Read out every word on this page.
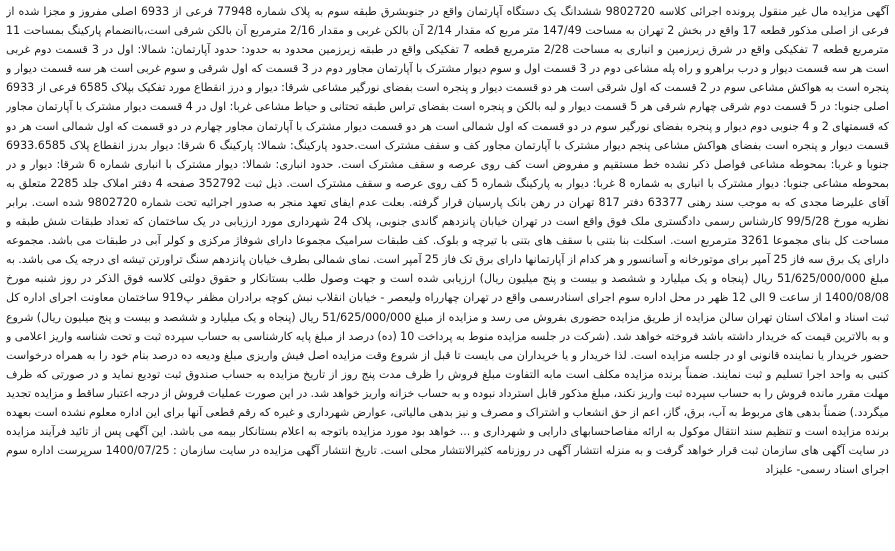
آگهی مزایده مال غیر منقول پرونده اجرائی کلاسه 9802720 ششدانگ یک دستگاه آپارتمان واقع در جنوبشرق طبقه سوم به پلاک شماره 77948 فرعی از 6933 اصلی مفروز و مجزا شده از فرعی از اصلی مذکور قطعه 17 واقع در بخش 2 تهران به مساحت 147/49 متر مربع که مقدار 2/14 آن بالکن غربی و مقدار 2/16 مترمربع آن بالکن شرقی است،باانضمام پارکینگ بمساحت 11 مترمربع قطعه 7 تفکیکی واقع در شرق زیرزمین و انباری به مساحت 2/28 مترمربع قطعه 7 تفکیکی واقع در طبقه زیرزمین محدود به حدود: حدود آپارتمان: شمالا: اول در 3 قسمت دوم غربی است هر سه قسمت دیوار و درب براهرو و راه پله مشاعی دوم در 3 قسمت اول و سوم دیوار مشترک با آپارتمان مجاور دوم در 3 قسمت که اول شرقی و سوم غربی است هر سه قسمت دیوار و پنجره است به هواکش مشاعی سوم در 2 قسمت که اول شرقی است هر دو قسمت دیوار و پنجره است بفضای نورگیر مشاعی شرقا: دیوار و درز انقطاع مورد تفکیک بپلاک 6585 فرعی از 6933 اصلی جنوبا: در 5 قسمت دوم شرقی چهارم شرقی هر 5 قسمت دیوار و لبه بالکن و پنجره است بفضای تراس طبقه تحتانی و حیاط مشاعی غربا: اول در 4 قسمت دیوار مشترک با آپارتمان مجاور که قسمتهای 2 و 4 جنوبی دوم دیوار و پنجره بفضای نورگیر سوم در دو قسمت که اول شمالی است هر دو قسمت دیوار مشترک با آپارتمان مجاور چهارم در دو قسمت که اول شمالی است هر دو قسمت دیوار و پنجره است بفضای هواکش مشاعی پنجم دیوار مشترک با آپارتمان مجاور کف و سقف مشترک است.حدود پارکینگ: شمالا: پارکینگ 6 شرقا: دیوار بدرز انقطاع پلاک 6933.6585 جنوبا و غربا: بمحوطه مشاعی فواصل ذکر نشده خط مستقیم و مفروض است کف روی عرصه و سقف مشترک است. حدود انباری: شمالا: دیوار مشترک با انباری شماره 6 شرقا: دیوار و در بمحوطه مشاعی جنوبا: دیوار مشترک با انباری به شماره 8 غربا: دیوار به پارکینگ شماره 5 کف روی عرصه و سقف مشترک است. ذیل ثبت 352792 صفحه 4 دفتر املاک جلد 2285 متعلق به آقای علیرضا مجدی که به موجب سند رهنی 63377 دفتر 817 تهران در رهن بانک پارسیان قرار گرفته. بعلت عدم ایفای تعهد منجر به صدور اجرائیه تحت شماره 9802720 شده است. برابر نظریه مورخ 99/5/28 کارشناس رسمی دادگستری ملک فوق واقع است در تهران خیابان پانزدهم گاندی جنوبی، پلاک 24 شهرداری مورد ارزیابی در یک ساختمان که تعداد طبقات شش طبقه و مساحت کل بنای مجموعا 3261 مترمربع است. اسکلت بنا بتنی با سقف های بتنی با تیرچه و بلوک. کف طبقات سرامیک مجموعا دارای شوفاژ مرکزی و کولر آبی در طبقات می باشد. مجموعه دارای یک برق سه فاز 25 آمپر برای موتورخانه و آسانسور و هر کدام از آپارتمانها دارای برق تک فاز 25 آمپر است. نمای شمالی بطرف خیابان پانزدهم سنگ تراورتن تیشه ای درجه یک می باشد. به مبلغ 51/625/000/000 ریال (پنجاه و یک میلیارد و ششصد و بیست و پنج میلیون ریال) ارزیابی شده است و جهت وصول طلب بستانکار و حقوق دولتی کلاسه فوق الذکر در روز شنبه مورخ 1400/08/08 از ساعت 9 الی 12 ظهر در محل اداره سوم اجرای اسنادرسمی واقع در تهران چهارراه ولیعصر - خیابان انقلاب نبش کوچه برادران مظفر پ919 ساختمان معاونت اجرای اداره کل ثبت اسناد و املاک استان تهران سالن مزایده از طریق مزایده حضوری بفروش می رسد و مزایده از مبلغ 51/625/000/000 ریال (پنجاه و یک میلیارد و ششصد و بیست و پنج میلیون ریال) شروع و به بالاترین قیمت که خریدار داشته باشد فروخته خواهد شد. (شرکت در جلسه مزایده منوط به پرداخت 10 (ده) درصد از مبلغ پایه کارشناسی به حساب سپرده ثبت و تحت شناسه واریز اعلامی و حضور خریدار یا نماینده قانونی او در جلسه مزایده است. لذا خریدار و یا خریداران می بایست تا قبل از شروع وقت مزایده اصل فیش واریزی مبلغ ودیعه ده درصد بنام خود را به همراه درخواست کتبی به واحد اجرا تسلیم و ثبت نمایند. ضمناً برنده مزایده مکلف است مابه التفاوت مبلغ فروش را ظرف مدت پنج روز از تاریخ مزایده به حساب صندوق ثبت تودیع نماید و در صورتی که ظرف مهلت مقرر مانده فروش را به حساب سپرده ثبت واریز نکند، مبلغ مذکور قابل استرداد نبوده و به حساب خزانه واریز خواهد شد. در این صورت عملیات فروش از درجه اعتبار ساقط و مزایده تجدید میگردد.) ضمناً بدهی های مربوط به آب، برق، گاز، اعم از حق انشعاب و اشتراک و مصرف و نیز بدهی مالیاتی، عوارض شهرداری و غیره که رقم قطعی آنها برای این اداره معلوم نشده است بعهده برنده مزایده است و تنظیم سند انتقال موکول به ارائه مفاصاحسابهای دارایی و شهرداری و ... خواهد بود مورد مزایده باتوجه به اعلام بستانکار بیمه می باشد. این آگهی پس از تائید فرآیند مزایده در سایت آگهی های سازمان ثبت قرار خواهد گرفت و به منزله انتشار آگهی در روزنامه کثیرالانتشار محلی است. تاریخ انتشار آگهی مزایده در سایت سازمان : 1400/07/25 سرپرست اداره سوم اجرای اسناد رسمی- علیزاد
